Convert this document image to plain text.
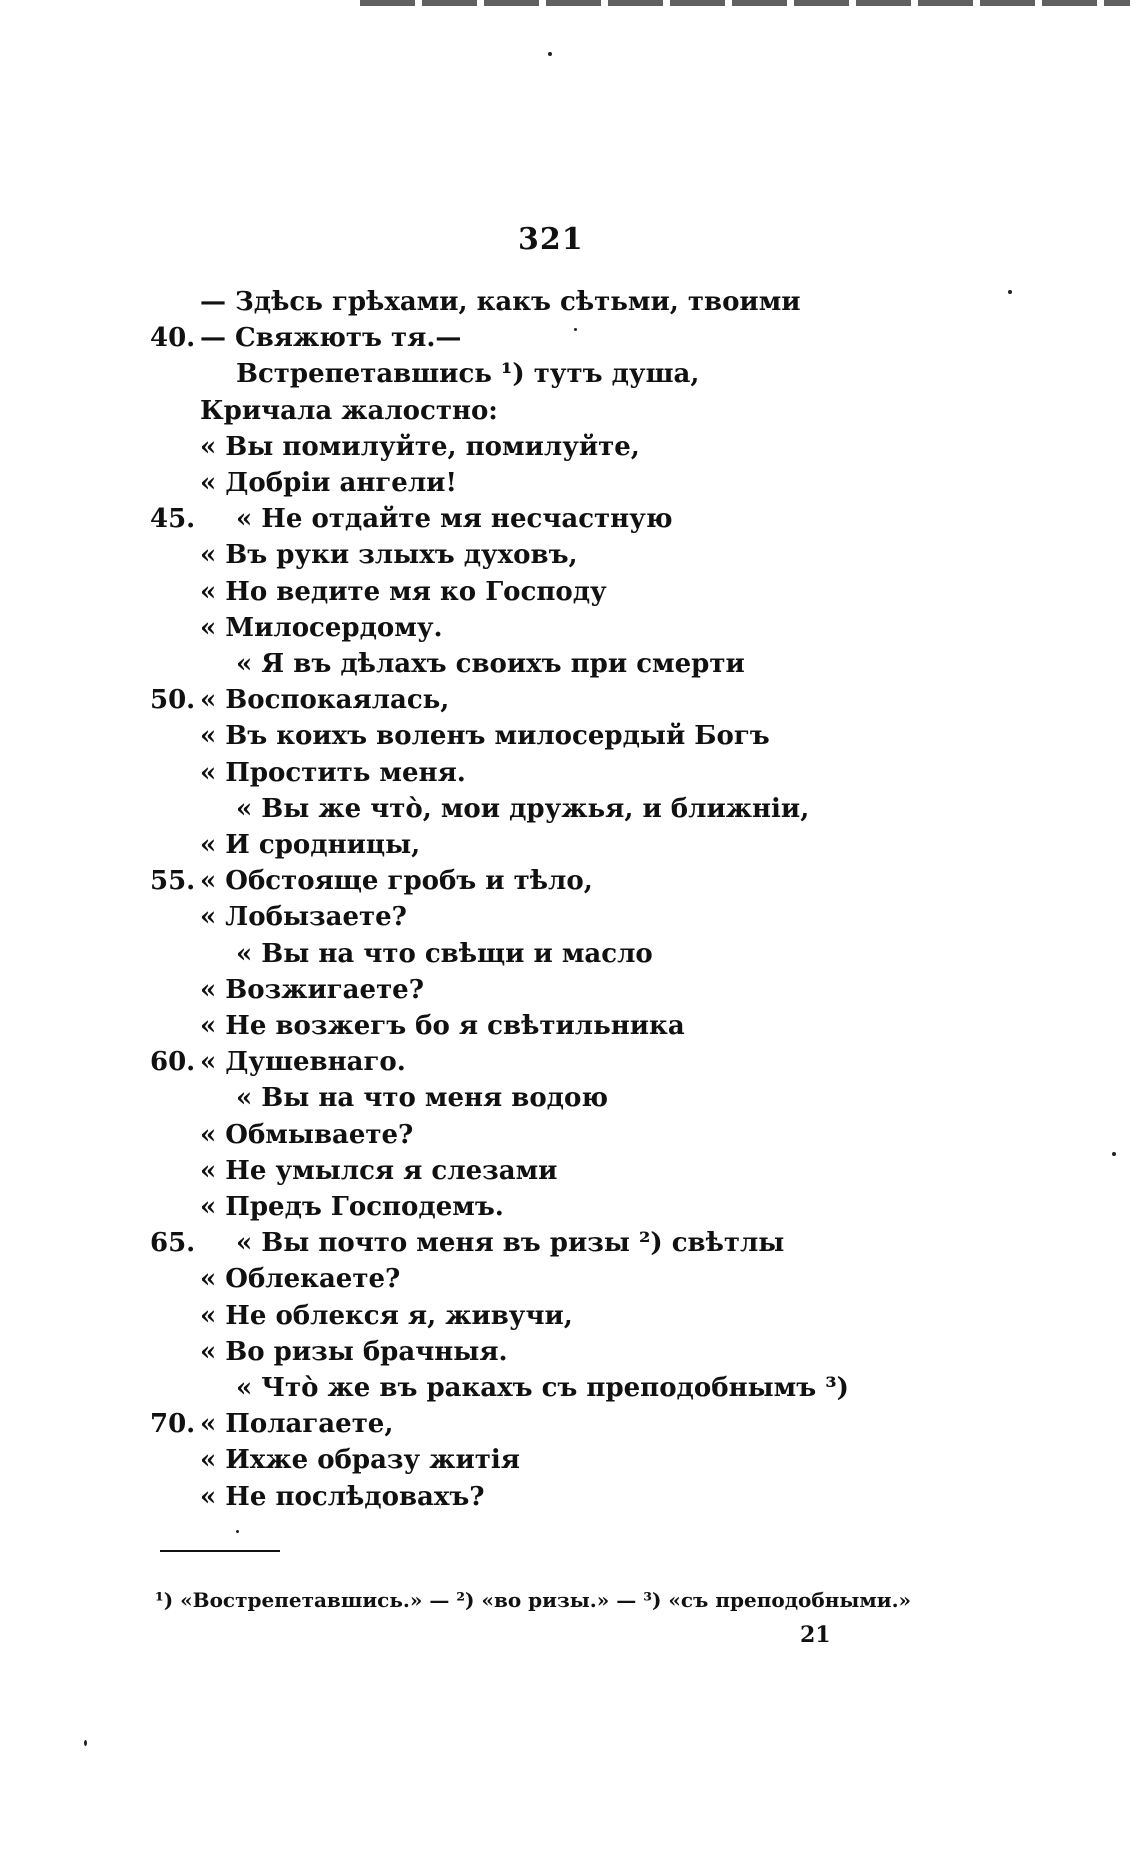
321
— Здѣсь грѣхами, какъ сѣтьми, твоими
40. — Свяжютъ тя.—
Встрепетавшись ¹) тутъ душа,
Кричала жалостно:
« Вы помилуйте, помилуйте,
« Добріи ангели!
45.	« Не отдайте мя несчастную
« Въ руки злыхъ духовъ,
« Но ведите мя ко Господу
« Милосердому.
« Я въ дѣлахъ своихъ при смерти
50. « Воспокаялась,
« Въ коихъ воленъ милосердый Богъ
« Простить меня.
« Вы же что̀, мои дружья, и ближніи,
« И сродницы,
55. « Обстояще гробъ и тѣло,
« Лобызаете?
« Вы на что свѣщи и масло
« Возжигаете?
« Не возжегъ бо я свѣтильника
60. « Душевнаго.
« Вы на что меня водою
« Обмываете?
« Не умылся я слезами
« Предъ Господемъ.
65.	« Вы почто меня въ ризы ²) свѣтлы
« Облекаете?
« Не облекся я, живучи,
« Во ризы брачныя.
« Что̀ же въ ракахъ съ преподобнымъ ³)
70. « Полагаете,
« Ихже образу житія
« Не послѣдовахъ?
¹) «Вострепетавшись.» — ²) «во ризы.» — ³) «съ преподобными.»
21
